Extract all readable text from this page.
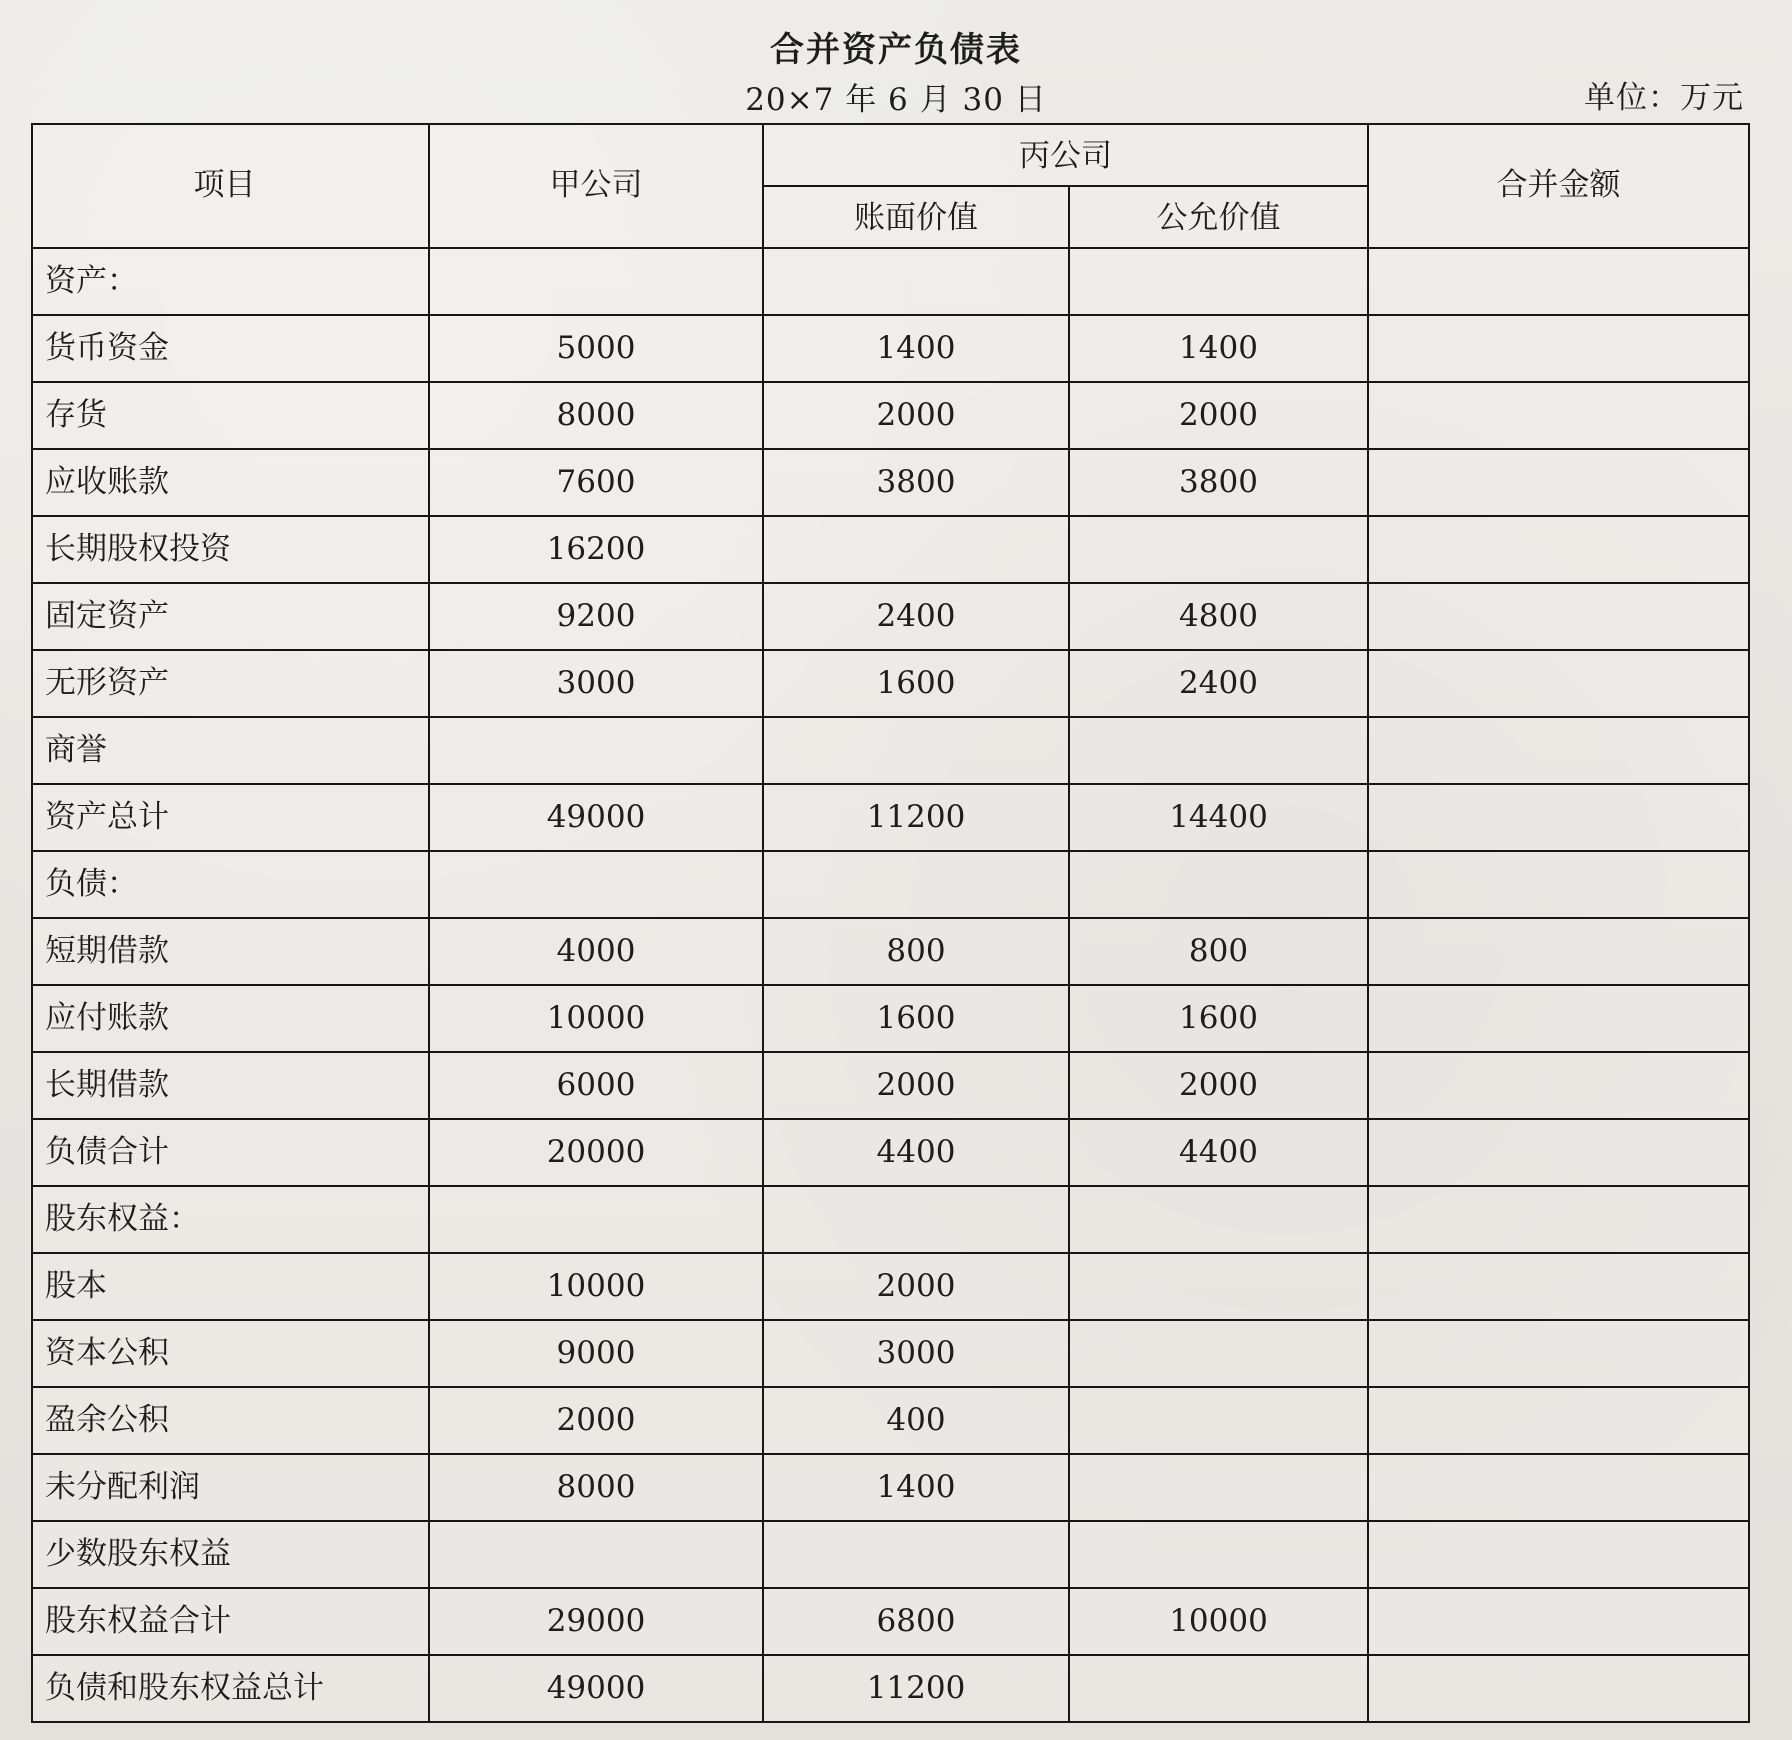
合并资产负债表
20×7 年 6 月 30 日	单位：万元
项目	甲公司	丙公司		合并金额
		账面价值	公允价值	
资产：				
货币资金	5000	1400	1400	
存货	8000	2000	2000	
应收账款	7600	3800	3800	
长期股权投资	16200			
固定资产	9200	2400	4800	
无形资产	3000	1600	2400	
商誉				
资产总计	49000	11200	14400	
负债：				
短期借款	4000	800	800	
应付账款	10000	1600	1600	
长期借款	6000	2000	2000	
负债合计	20000	4400	4400	
股东权益：				
股本	10000	2000		
资本公积	9000	3000		
盈余公积	2000	400		
未分配利润	8000	1400		
少数股东权益				
股东权益合计	29000	6800	10000	
负债和股东权益总计	49000	11200		
